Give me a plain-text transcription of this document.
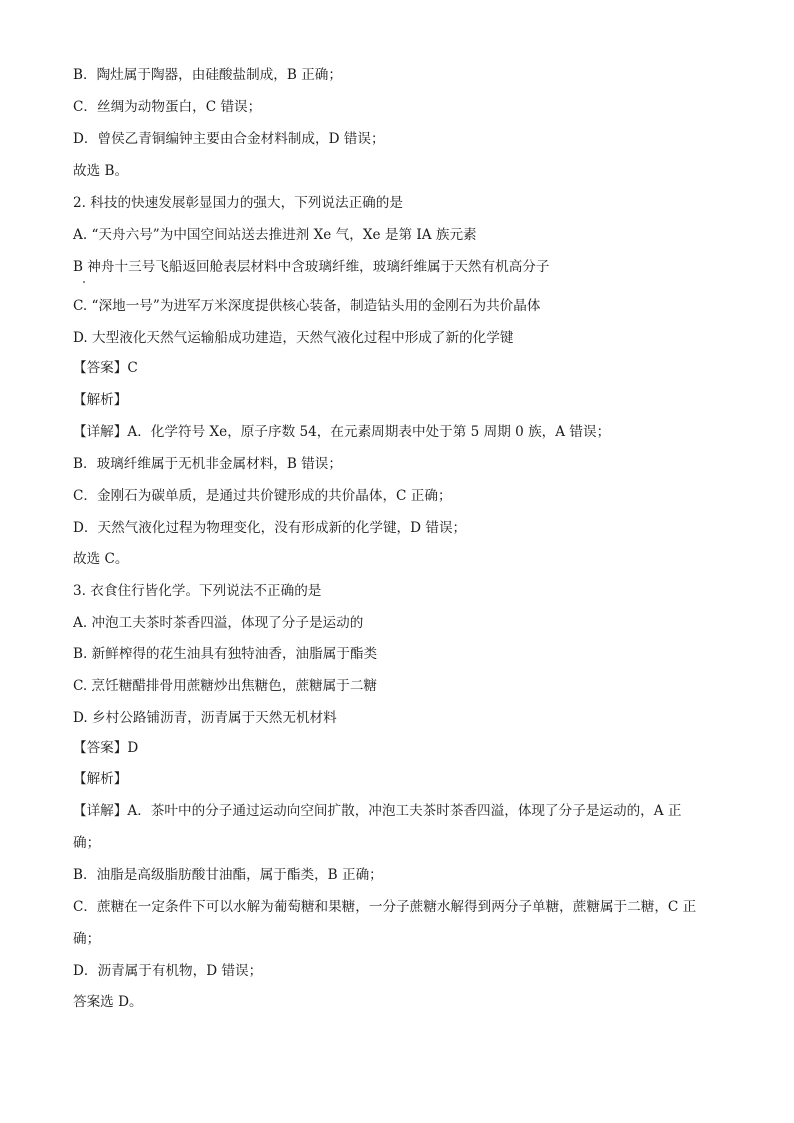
B．陶灶属于陶器，由硅酸盐制成，B 正确；
C．丝绸为动物蛋白，C 错误；
D．曾侯乙青铜编钟主要由合金材料制成，D 错误；
故选 B。
2. 科技的快速发展彰显国力的强大，下列说法正确的是
A. “天舟六号”为中国空间站送去推进剂 Xe 气，Xe 是第 IA 族元素
B 神舟十三号飞船返回舱表层材料中含玻璃纤维，玻璃纤维属于天然有机高分子
C. “深地一号”为进军万米深度提供核心装备，制造钻头用的金刚石为共价晶体
D. 大型液化天然气运输船成功建造，天然气液化过程中形成了新的化学键
【答案】C
【解析】
【详解】A．化学符号 Xe，原子序数 54，在元素周期表中处于第 5 周期 0 族，A 错误；
B．玻璃纤维属于无机非金属材料，B 错误；
C．金刚石为碳单质，是通过共价键形成的共价晶体，C 正确；
D．天然气液化过程为物理变化，没有形成新的化学键，D 错误；
故选 C。
3. 衣食住行皆化学。下列说法不正确的是
A. 冲泡工夫茶时茶香四溢，体现了分子是运动的
B. 新鲜榨得的花生油具有独特油香，油脂属于酯类
C. 烹饪糖醋排骨用蔗糖炒出焦糖色，蔗糖属于二糖
D. 乡村公路铺沥青，沥青属于天然无机材料
【答案】D
【解析】
【详解】A．茶叶中的分子通过运动向空间扩散，冲泡工夫茶时茶香四溢，体现了分子是运动的，A 正
确；
B．油脂是高级脂肪酸甘油酯，属于酯类，B 正确；
C．蔗糖在一定条件下可以水解为葡萄糖和果糖，一分子蔗糖水解得到两分子单糖，蔗糖属于二糖，C 正
确；
D．沥青属于有机物，D 错误；
答案选 D。
